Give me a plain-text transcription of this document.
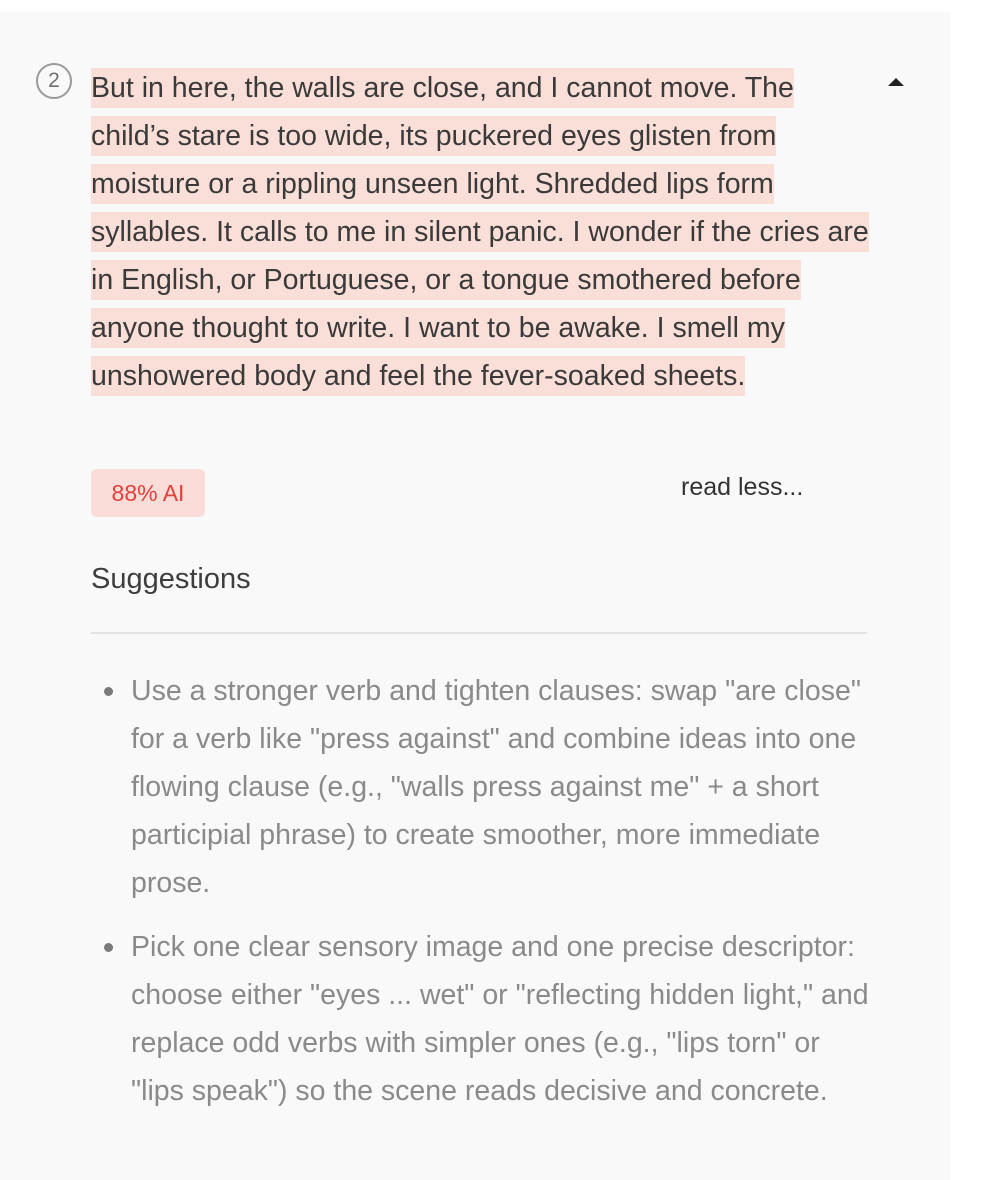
2	But in here, the walls are close, and I cannot move. The child’s stare is too wide, its puckered eyes glisten from moisture or a rippling unseen light. Shredded lips form syllables. It calls to me in silent panic. I wonder if the cries are in English, or Portuguese, or a tongue smothered before anyone thought to write. I want to be awake. I smell my unshowered body and feel the fever-soaked sheets.

88% AI	read less...
Suggestions
Use a stronger verb and tighten clauses: swap "are close" for a verb like "press against" and combine ideas into one flowing clause (e.g., "walls press against me" + a short participial phrase) to create smoother, more immediate prose.
Pick one clear sensory image and one precise descriptor: choose either "eyes ... wet" or "reflecting hidden light," and replace odd verbs with simpler ones (e.g., "lips torn" or "lips speak") so the scene reads decisive and concrete.
